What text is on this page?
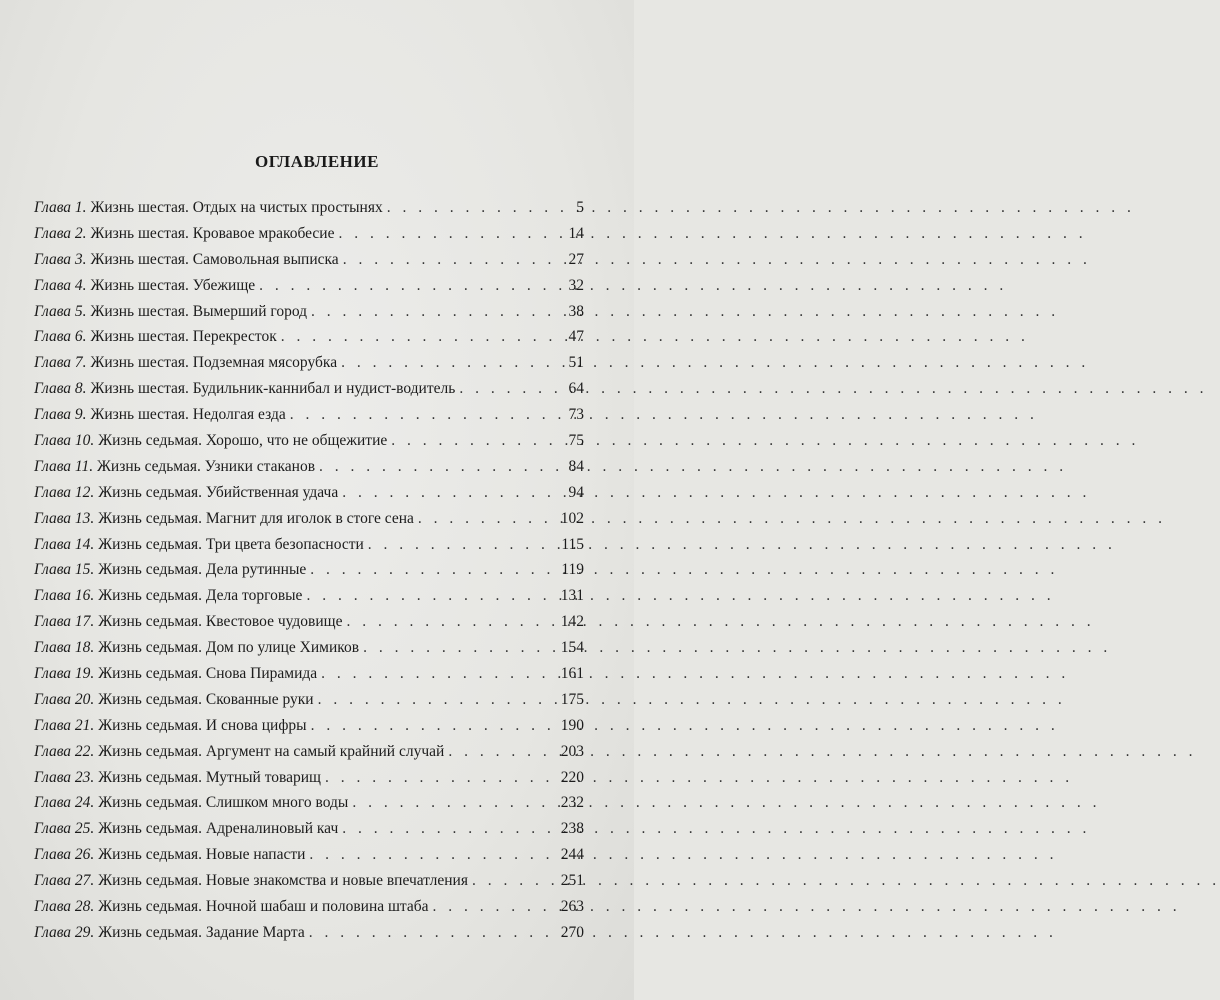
ОГЛАВЛЕНИЕ
Глава 1. Жизнь шестая. Отдых на чистых простынях . . .	5
Глава 2. Жизнь шестая. Кровавое мракобесие . . .	14
Глава 3. Жизнь шестая. Самовольная выписка . . .	27
Глава 4. Жизнь шестая. Убежище . . .	32
Глава 5. Жизнь шестая. Вымерший город . . .	38
Глава 6. Жизнь шестая. Перекресток . . .	47
Глава 7. Жизнь шестая. Подземная мясорубка . . .	51
Глава 8. Жизнь шестая. Будильник-каннибал и нудист-водитель . . .	64
Глава 9. Жизнь шестая. Недолгая езда . . .	73
Глава 10. Жизнь седьмая. Хорошо, что не общежитие . . .	75
Глава 11. Жизнь седьмая. Узники стаканов . . .	84
Глава 12. Жизнь седьмая. Убийственная удача . . .	94
Глава 13. Жизнь седьмая. Магнит для иголок в стоге сена . . .	102
Глава 14. Жизнь седьмая. Три цвета безопасности . . .	115
Глава 15. Жизнь седьмая. Дела рутинные . . .	119
Глава 16. Жизнь седьмая. Дела торговые . . .	131
Глава 17. Жизнь седьмая. Квестовое чудовище . . .	142
Глава 18. Жизнь седьмая. Дом по улице Химиков . . .	154
Глава 19. Жизнь седьмая. Снова Пирамида . . .	161
Глава 20. Жизнь седьмая. Скованные руки . . .	175
Глава 21. Жизнь седьмая. И снова цифры . . .	190
Глава 22. Жизнь седьмая. Аргумент на самый крайний случай . . .	203
Глава 23. Жизнь седьмая. Мутный товарищ . . .	220
Глава 24. Жизнь седьмая. Слишком много воды . . .	232
Глава 25. Жизнь седьмая. Адреналиновый кач . . .	238
Глава 26. Жизнь седьмая. Новые напасти . . .	244
Глава 27. Жизнь седьмая. Новые знакомства и новые впечатления . . .	251
Глава 28. Жизнь седьмая. Ночной шабаш и половина штаба . . .	263
Глава 29. Жизнь седьмая. Задание Марта . . .	270
